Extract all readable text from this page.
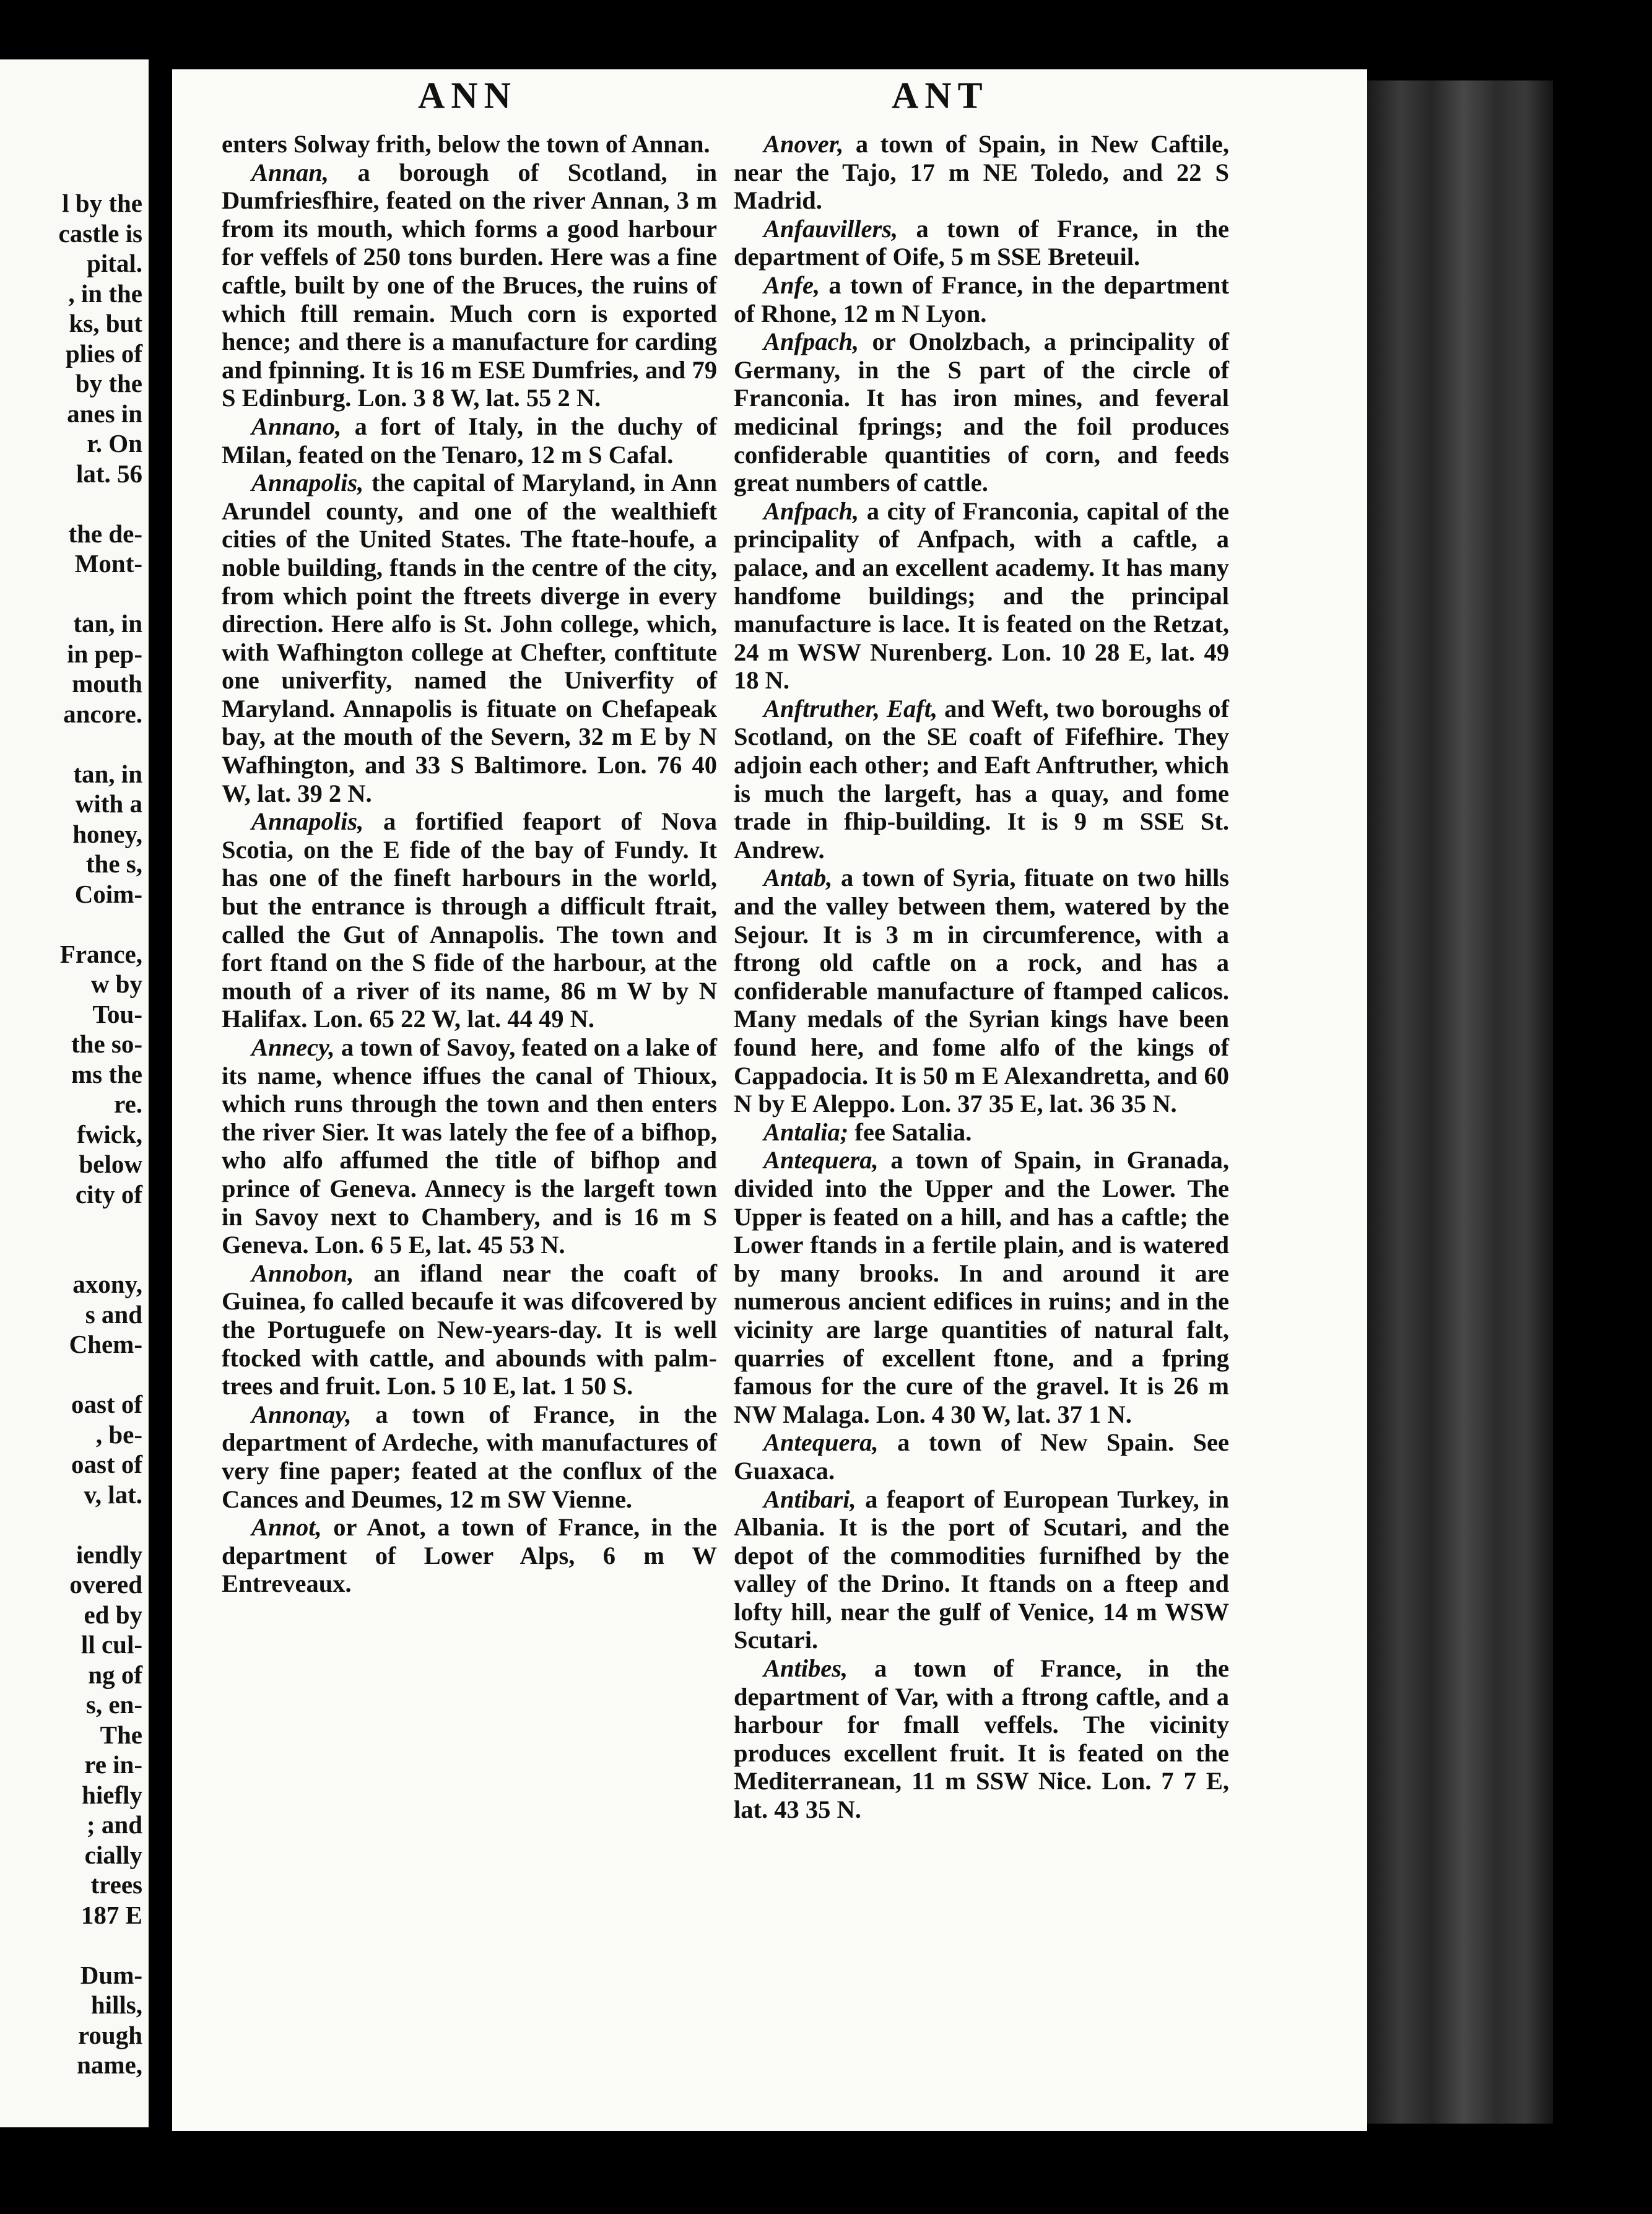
l by the
castle is
pital.
, in the
ks, but
plies of
by the
anes in
r. On
lat. 56
the de-
Mont-
tan, in
in pep-
mouth
ancore.
tan, in
with a
honey,
the s,
Coim-
France,
w by
Tou-
the so-
ms the
re.
fwick,
below
city of
axony,
s and
Chem-
oast of
, be-
oast of
v, lat.
iendly
overed
ed by
ll cul-
ng of
s, en-
The
re in-
hiefly
; and
cially
trees
187 E
Dum-
hills,
rough
name,
ANN	ANT

enters Solway frith, below the town of Annan.

Annan, a borough of Scotland, in Dumfriesfhire, feated on the river Annan, 3 m from its mouth, which forms a good harbour for veffels of 250 tons burden. Here was a fine caftle, built by one of the Bruces, the ruins of which ftill remain. Much corn is exported hence; and there is a manufacture for carding and fpinning. It is 16 m ESE Dumfries, and 79 S Edinburg. Lon. 3 8 W, lat. 55 2 N.

Annano, a fort of Italy, in the duchy of Milan, feated on the Tenaro, 12 m S Cafal.

Annapolis, the capital of Maryland, in Ann Arundel county, and one of the wealthieft cities of the United States. The ftate-houfe, a noble building, ftands in the centre of the city, from which point the ftreets diverge in every direction. Here alfo is St. John college, which, with Wafhington college at Chefter, conftitute one univerfity, named the Univerfity of Maryland. Annapolis is fituate on Chefapeak bay, at the mouth of the Severn, 32 m E by N Wafhington, and 33 S Baltimore. Lon. 76 40 W, lat. 39 2 N.

Annapolis, a fortified feaport of Nova Scotia, on the E fide of the bay of Fundy. It has one of the fineft harbours in the world, but the entrance is through a difficult ftrait, called the Gut of Annapolis. The town and fort ftand on the S fide of the harbour, at the mouth of a river of its name, 86 m W by N Halifax. Lon. 65 22 W, lat. 44 49 N.

Annecy, a town of Savoy, feated on a lake of its name, whence iffues the canal of Thioux, which runs through the town and then enters the river Sier. It was lately the fee of a bifhop, who alfo affumed the title of bifhop and prince of Geneva. Annecy is the largeft town in Savoy next to Chambery, and is 16 m S Geneva. Lon. 6 5 E, lat. 45 53 N.

Annobon, an ifland near the coaft of Guinea, fo called becaufe it was difcovered by the Portuguefe on New-years-day. It is well ftocked with cattle, and abounds with palm-trees and fruit. Lon. 5 10 E, lat. 1 50 S.

Annonay, a town of France, in the department of Ardeche, with manufactures of very fine paper; feated at the conflux of the Cances and Deumes, 12 m SW Vienne.

Annot, or Anot, a town of France, in the department of Lower Alps, 6 m W Entreveaux.

Anover, a town of Spain, in New Caftile, near the Tajo, 17 m NE Toledo, and 22 S Madrid.

Anfauvillers, a town of France, in the department of Oife, 5 m SSE Breteuil.

Anfe, a town of France, in the department of Rhone, 12 m N Lyon.

Anfpach, or Onolzbach, a principality of Germany, in the S part of the circle of Franconia. It has iron mines, and feveral medicinal fprings; and the foil produces confiderable quantities of corn, and feeds great numbers of cattle.

Anfpach, a city of Franconia, capital of the principality of Anfpach, with a caftle, a palace, and an excellent academy. It has many handfome buildings; and the principal manufacture is lace. It is feated on the Retzat, 24 m WSW Nurenberg. Lon. 10 28 E, lat. 49 18 N.

Anftruther, Eaft, and Weft, two boroughs of Scotland, on the SE coaft of Fifefhire. They adjoin each other; and Eaft Anftruther, which is much the largeft, has a quay, and fome trade in fhip-building. It is 9 m SSE St. Andrew.

Antab, a town of Syria, fituate on two hills and the valley between them, watered by the Sejour. It is 3 m in circumference, with a ftrong old caftle on a rock, and has a confiderable manufacture of ftamped calicos. Many medals of the Syrian kings have been found here, and fome alfo of the kings of Cappadocia. It is 50 m E Alexandretta, and 60 N by E Aleppo. Lon. 37 35 E, lat. 36 35 N.

Antalia; fee Satalia.

Antequera, a town of Spain, in Granada, divided into the Upper and the Lower. The Upper is feated on a hill, and has a caftle; the Lower ftands in a fertile plain, and is watered by many brooks. In and around it are numerous ancient edifices in ruins; and in the vicinity are large quantities of natural falt, quarries of excellent ftone, and a fpring famous for the cure of the gravel. It is 26 m NW Malaga. Lon. 4 30 W, lat. 37 1 N.

Antequera, a town of New Spain. See Guaxaca.

Antibari, a feaport of European Turkey, in Albania. It is the port of Scutari, and the depot of the commodities furnifhed by the valley of the Drino. It ftands on a fteep and lofty hill, near the gulf of Venice, 14 m WSW Scutari.

Antibes, a town of France, in the department of Var, with a ftrong caftle, and a harbour for fmall veffels. The vicinity produces excellent fruit. It is feated on the Mediterranean, 11 m SSW Nice. Lon. 7 7 E, lat. 43 35 N.
